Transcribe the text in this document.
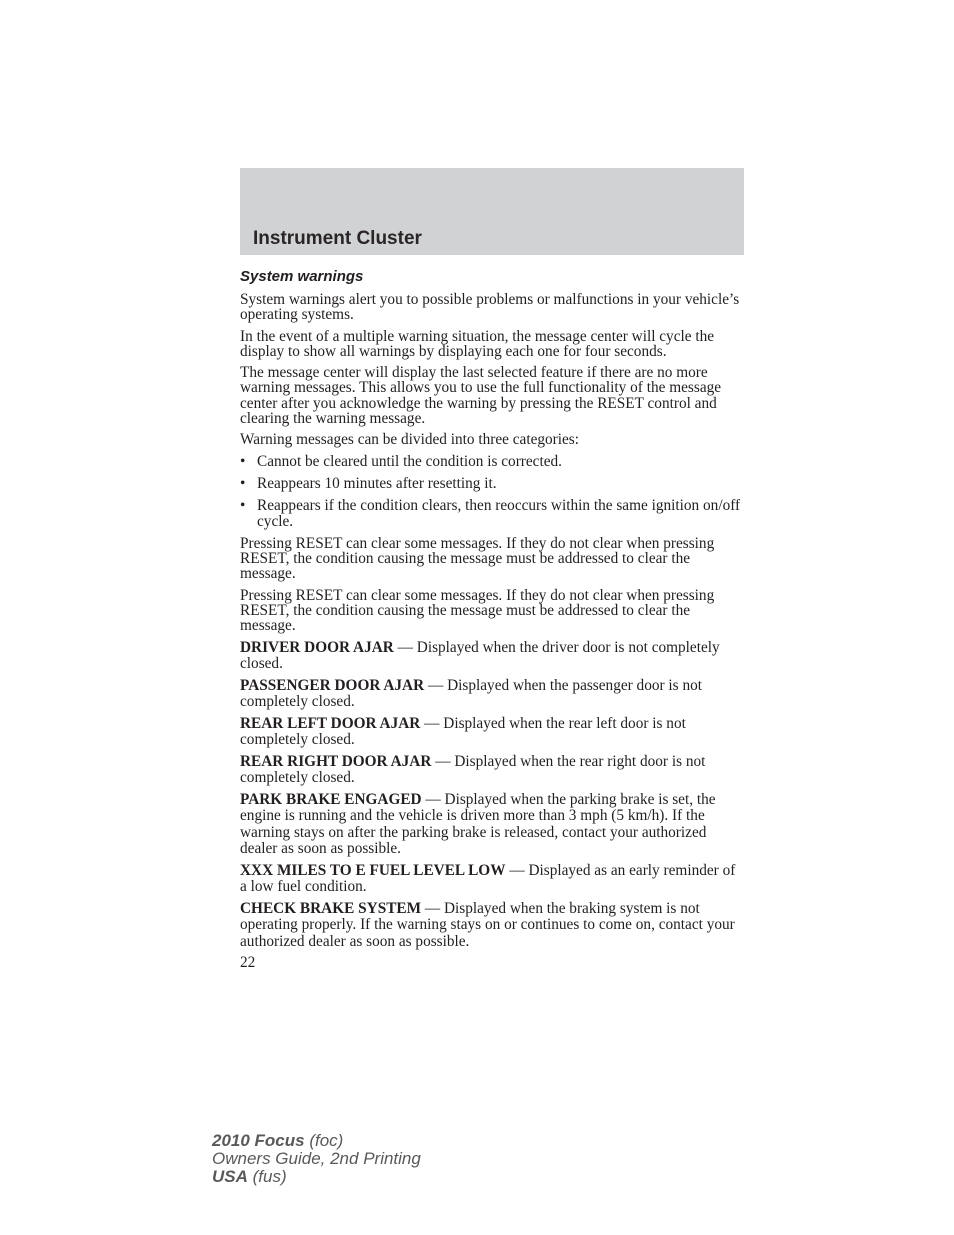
Instrument Cluster
System warnings

System warnings alert you to possible problems or malfunctions in your vehicle’s operating systems.

In the event of a multiple warning situation, the message center will cycle the display to show all warnings by displaying each one for four seconds.

The message center will display the last selected feature if there are no more warning messages. This allows you to use the full functionality of the message center after you acknowledge the warning by pressing the RESET control and clearing the warning message.

Warning messages can be divided into three categories:

• Cannot be cleared until the condition is corrected.
• Reappears 10 minutes after resetting it.
• Reappears if the condition clears, then reoccurs within the same ignition on/off cycle.

Pressing RESET can clear some messages. If they do not clear when pressing RESET, the condition causing the message must be addressed to clear the message.

Pressing RESET can clear some messages. If they do not clear when pressing RESET, the condition causing the message must be addressed to clear the message.

DRIVER DOOR AJAR — Displayed when the driver door is not completely closed.

PASSENGER DOOR AJAR — Displayed when the passenger door is not completely closed.

REAR LEFT DOOR AJAR — Displayed when the rear left door is not completely closed.

REAR RIGHT DOOR AJAR — Displayed when the rear right door is not completely closed.

PARK BRAKE ENGAGED — Displayed when the parking brake is set, the engine is running and the vehicle is driven more than 3 mph (5 km/h). If the warning stays on after the parking brake is released, contact your authorized dealer as soon as possible.

XXX MILES TO E FUEL LEVEL LOW — Displayed as an early reminder of a low fuel condition.

CHECK BRAKE SYSTEM — Displayed when the braking system is not operating properly. If the warning stays on or continues to come on, contact your authorized dealer as soon as possible.

22
2010 Focus (foc)
Owners Guide, 2nd Printing
USA (fus)
